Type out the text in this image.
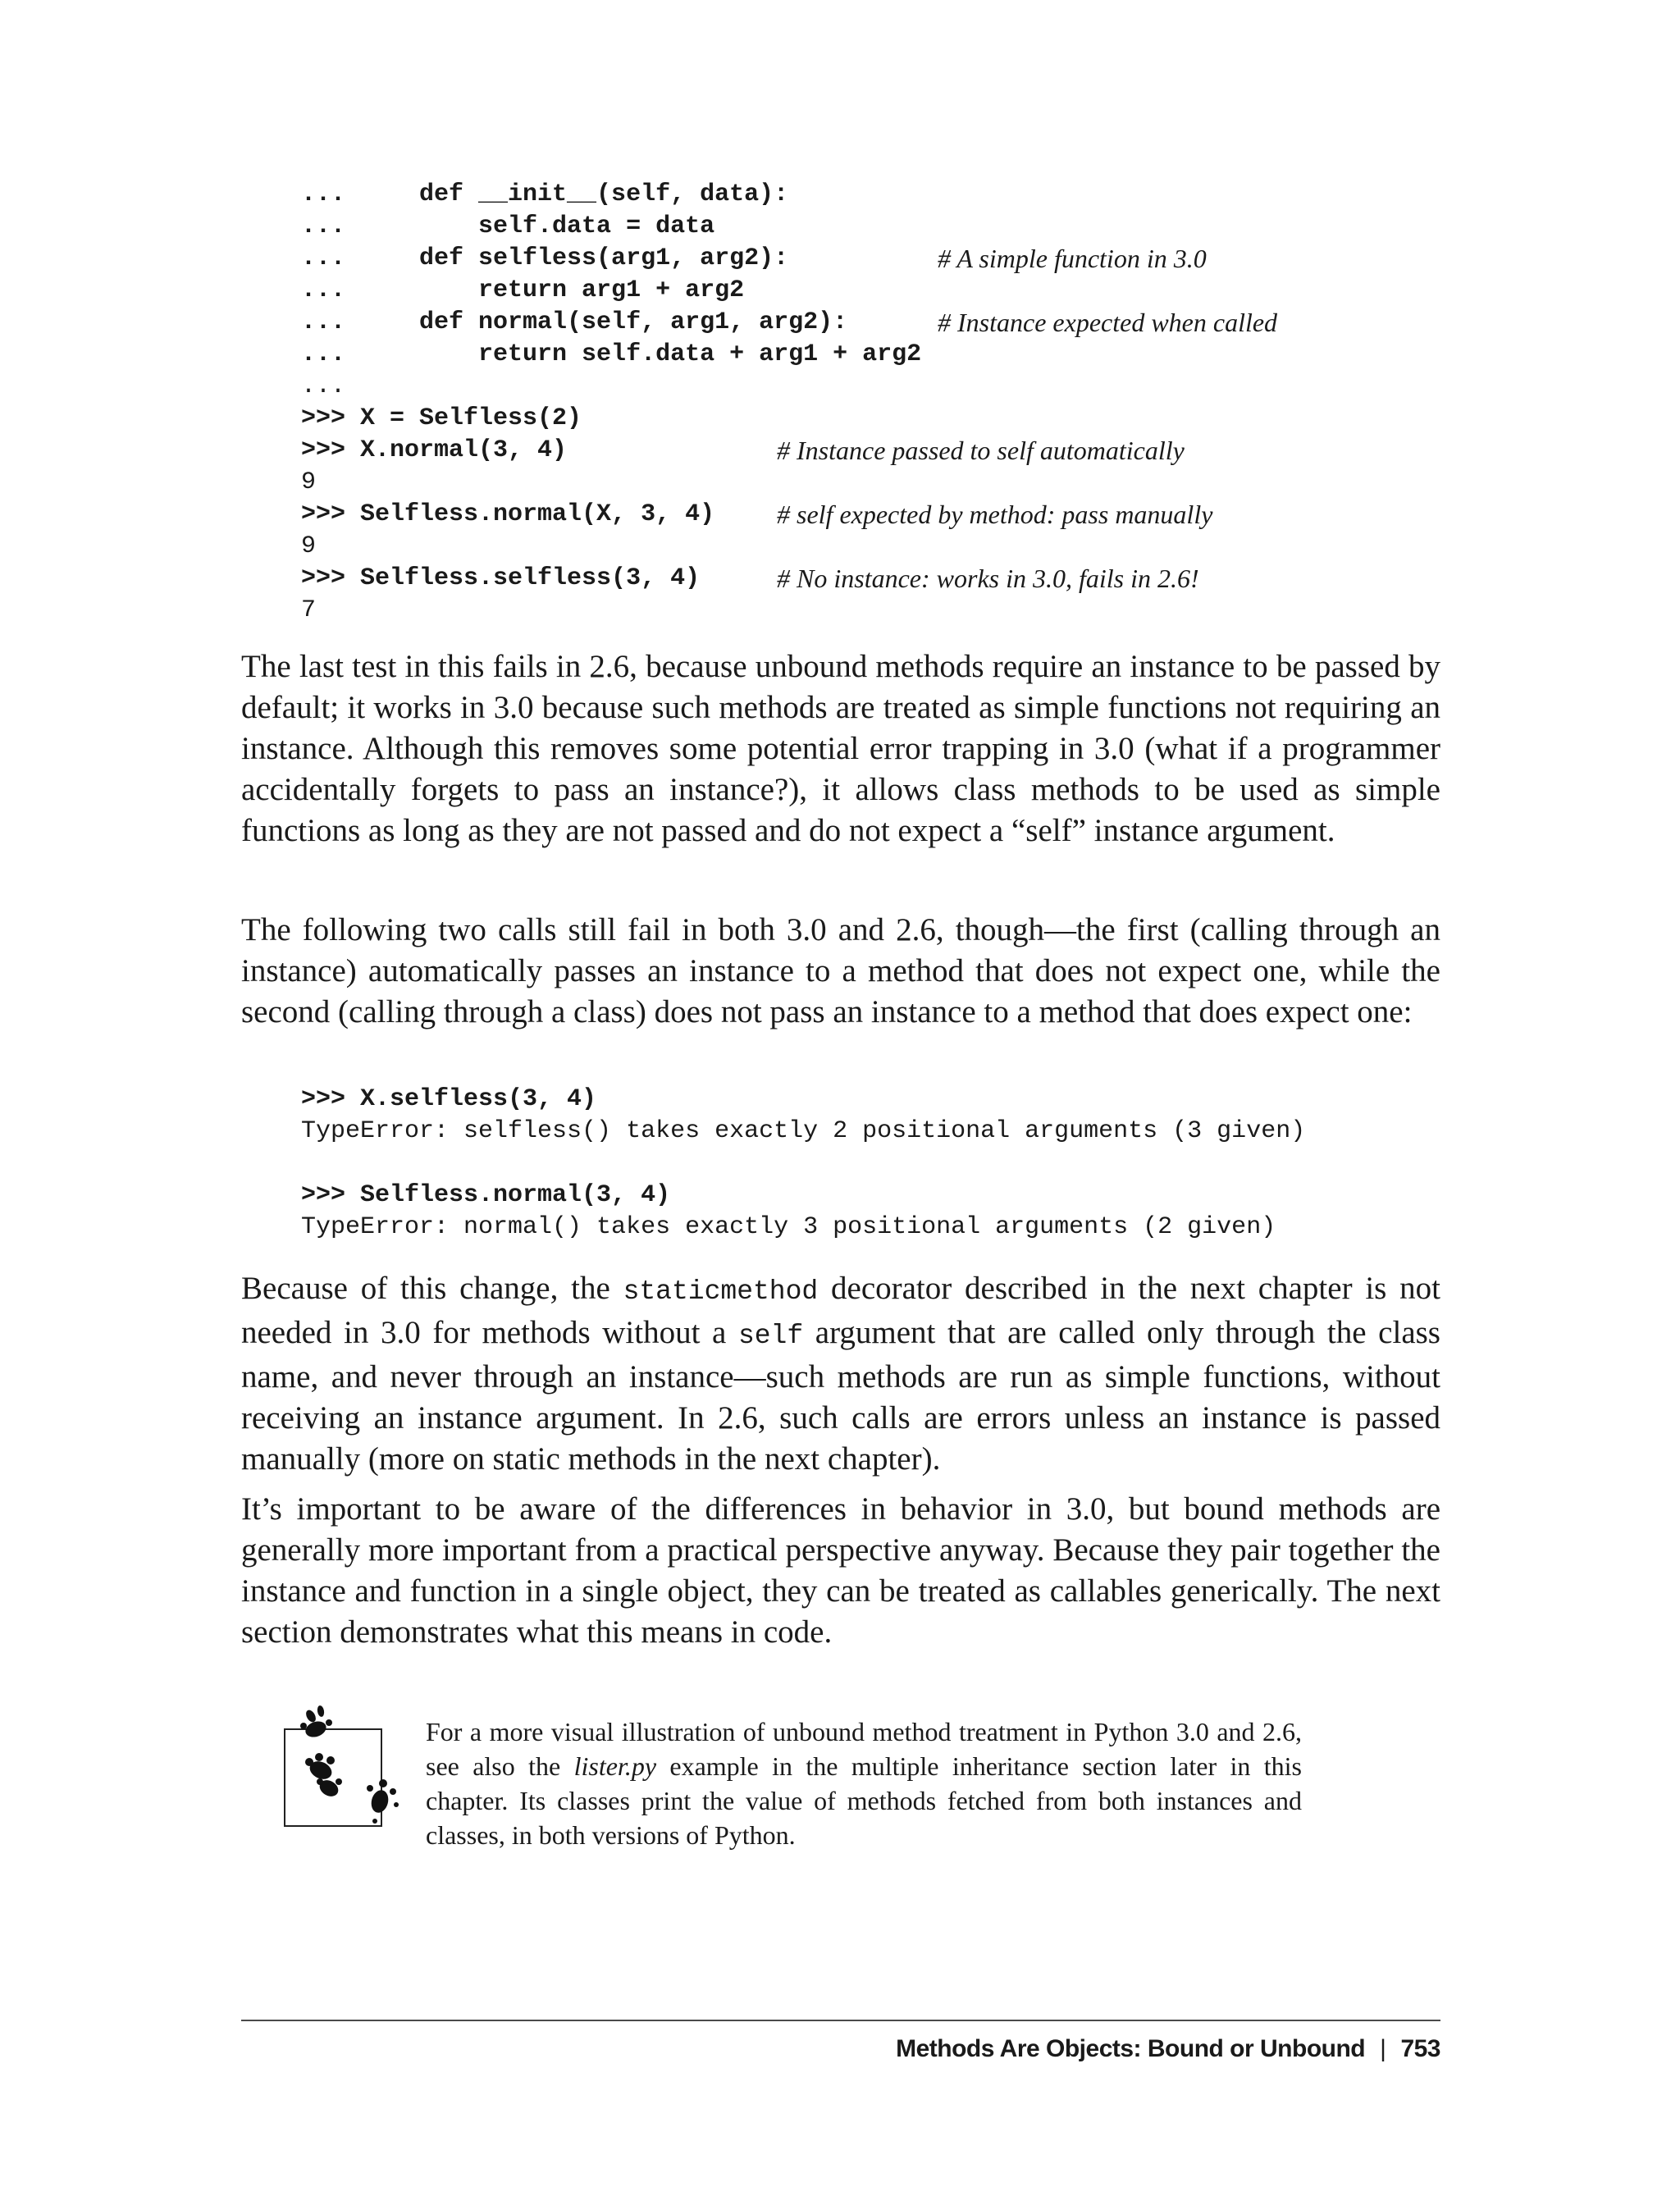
...     def __init__(self, data):
...         self.data = data
...     def selfless(arg1, arg2):	# A simple function in 3.0
...         return arg1 + arg2
...     def normal(self, arg1, arg2):	# Instance expected when called
...         return self.data + arg1 + arg2
...
>>> X = Selfless(2)
>>> X.normal(3, 4)	# Instance passed to self automatically
9
>>> Selfless.normal(X, 3, 4) # self expected by method: pass manually
9
>>> Selfless.selfless(3, 4)	# No instance: works in 3.0, fails in 2.6!
7

The last test in this fails in 2.6, because unbound methods require an instance to be passed by default; it works in 3.0 because such methods are treated as simple functions not requiring an instance. Although this removes some potential error trapping in 3.0 (what if a programmer accidentally forgets to pass an instance?), it allows class methods to be used as simple functions as long as they are not passed and do not expect a “self” instance argument.

The following two calls still fail in both 3.0 and 2.6, though—the first (calling through an instance) automatically passes an instance to a method that does not expect one, while the second (calling through a class) does not pass an instance to a method that does expect one:

>>> X.selfless(3, 4)
TypeError: selfless() takes exactly 2 positional arguments (3 given)
>>> Selfless.normal(3, 4)
TypeError: normal() takes exactly 3 positional arguments (2 given)

Because of this change, the staticmethod decorator described in the next chapter is not needed in 3.0 for methods without a self argument that are called only through the class name, and never through an instance—such methods are run as simple functions, without receiving an instance argument. In 2.6, such calls are errors unless an instance is passed manually (more on static methods in the next chapter).

It’s important to be aware of the differences in behavior in 3.0, but bound methods are generally more important from a practical perspective anyway. Because they pair together the instance and function in a single object, they can be treated as callables generically. The next section demonstrates what this means in code.

For a more visual illustration of unbound method treatment in Python 3.0 and 2.6, see also the lister.py example in the multiple inheritance section later in this chapter. Its classes print the value of methods fetched from both instances and classes, in both versions of Python.

Methods Are Objects: Bound or Unbound | 753
